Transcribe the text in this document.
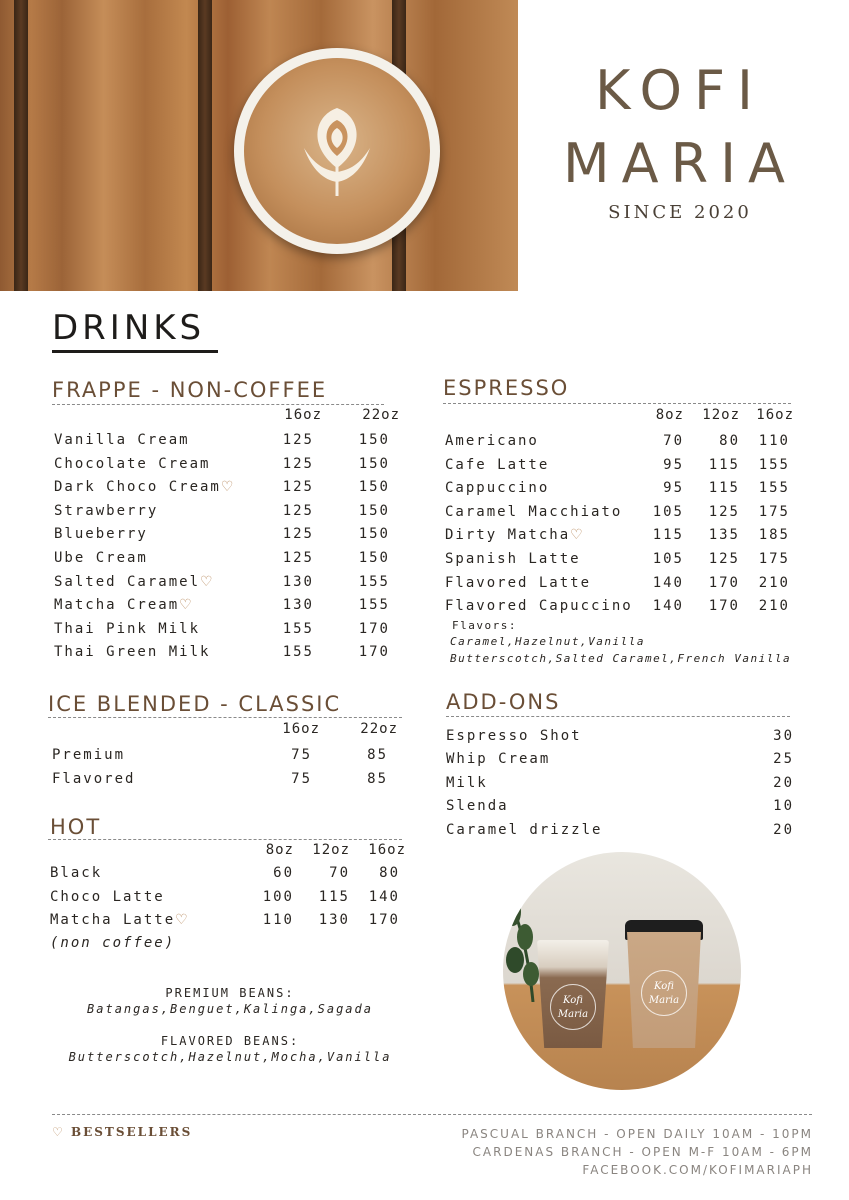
KOFI
MARIA
SINCE 2020
DRINKS
FRAPPE - NON-COFFEE
16oz	22oz
Vanilla Cream	125	150
Chocolate Cream	125	150
Dark Choco Cream♡	125	150
Strawberry	125	150
Blueberry	125	150
Ube Cream	125	150
Salted Caramel♡	130	155
Matcha Cream♡	130	155
Thai Pink Milk	155	170
Thai Green Milk	155	170
ICE BLENDED - CLASSIC
16oz	22oz
Premium	75	85
Flavored	75	85
HOT
8oz	12oz	16oz
Black	60	70	80
Choco Latte	100	115	140
Matcha Latte♡	110	130	170
(non coffee)
PREMIUM BEANS:
Batangas,Benguet,Kalinga,Sagada
FLAVORED BEANS:
Butterscotch,Hazelnut,Mocha,Vanilla
ESPRESSO
8oz	12oz	16oz
Americano	70	80	110
Cafe Latte	95	115	155
Cappuccino	95	115	155
Caramel Macchiato	105	125	175
Dirty Matcha♡	115	135	185
Spanish Latte	105	125	175
Flavored Latte	140	170	210
Flavored Capuccino	140	170	210
Flavors:
Caramel,Hazelnut,Vanilla
Butterscotch,Salted Caramel,French Vanilla
ADD-ONS
Espresso Shot	30
Whip Cream	25
Milk	20
Slenda	10
Caramel drizzle	20
Kofi Maria
Kofi Maria
♡ BESTSELLERS	PASCUAL BRANCH - OPEN DAILY 10AM - 10PM
CARDENAS BRANCH - OPEN M-F 10AM - 6PM
FACEBOOK.COM/KOFIMARIAPH
